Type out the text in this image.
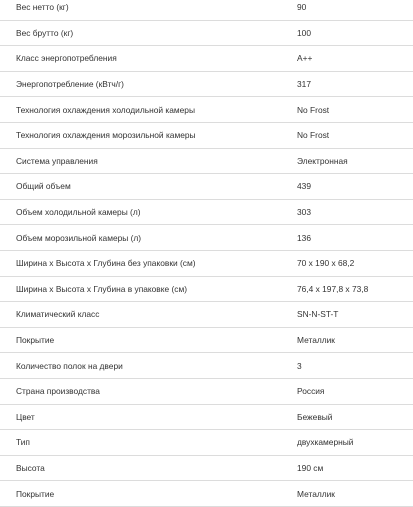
Вес нетто (кг)	90
Вес брутто (кг)	100
Класс энергопотребления	A++
Энергопотребление (кВтч/г)	317
Технология охлаждения холодильной камеры	No Frost
Технология охлаждения морозильной камеры	No Frost
Система управления	Электронная
Общий объем	439
Объем холодильной камеры (л)	303
Объем морозильной камеры (л)	136
Ширина х Высота х Глубина без упаковки (см)	70 х 190 х 68,2
Ширина х Высота х Глубина в упаковке (см)	76,4 х 197,8 х 73,8
Климатический класс	SN-N-ST-T
Покрытие	Металлик
Количество полок на двери	3
Страна производства	Россия
Цвет	Бежевый
Тип	двухкамерный
Высота	190 см
Покрытие	Металлик
